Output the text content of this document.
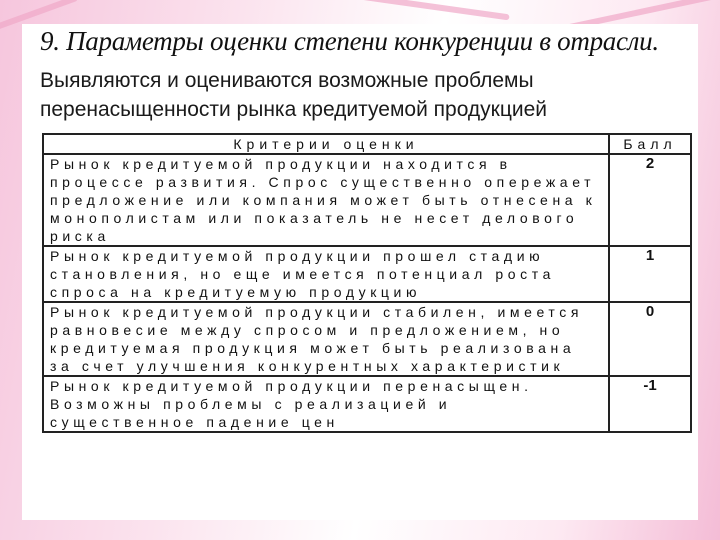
9. Параметры оценки степени конкуренции в отрасли.
Выявляются и оцениваются возможные проблемы перенасыщенности рынка кредитуемой продукцией
Критерии оценки	Балл
Рынок кредитуемой продукции находится в процессе развития. Спрос существенно опережает предложение или компания может быть отнесена к монополистам или показатель не несет делового риска	2
Рынок кредитуемой продукции прошел стадию становления, но еще имеется потенциал роста спроса на кредитуемую продукцию	1
Рынок кредитуемой продукции стабилен, имеется равновесие между спросом и предложением, но кредитуемая продукция может быть реализована за счет улучшения конкурентных характеристик	0
Рынок кредитуемой продукции перенасыщен. Возможны проблемы с реализацией и существенное падение цен	-1
